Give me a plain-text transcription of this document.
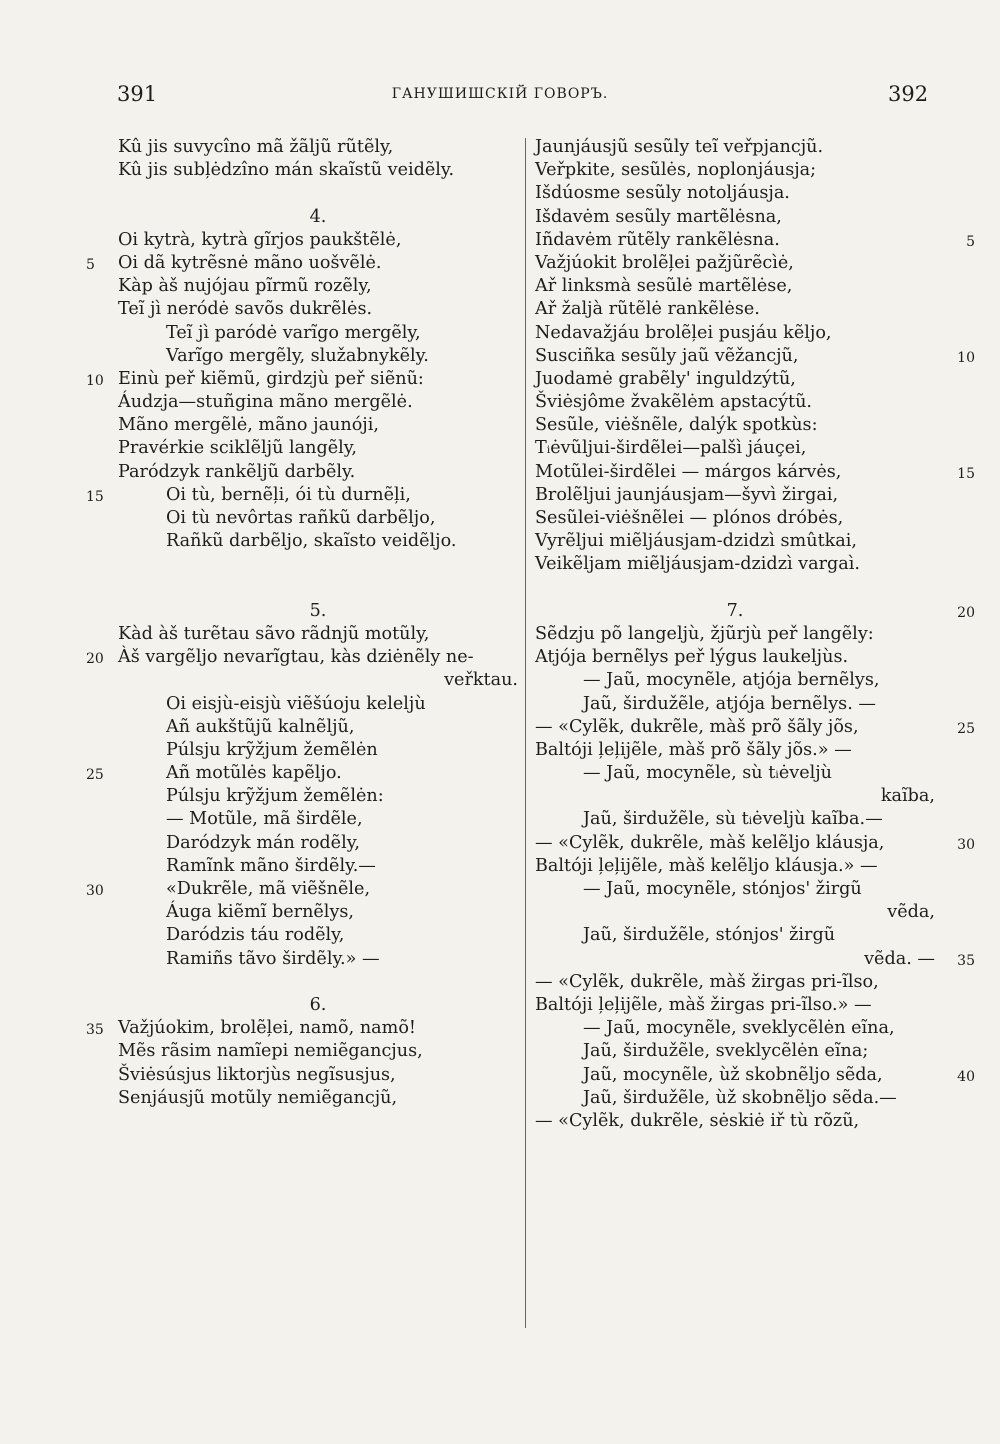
391	ГАНУШИШСКІЙ ГОВОРЪ.	392
Kû jis suvycîno mã žãljũ rũtẽly,
Kû jis subļėdzîno mán skaĩstũ veidẽly.
4.
Oi kytrà, kytrà gĩrjos paukštẽlė,
Oi dã kytrẽsnė mãno uošvẽlė.
5
Kàp àš nujójau pĩrmũ rozẽly,
Teĩ jì neródė savõs dukrẽlės.
Teĩ jì paródė varĩgo mergẽly,
Varĩgo mergẽly, služabnykẽly.
Einù peř kiẽmũ, girdzjù peř siẽnũ:
10
Áudzja—stuñgina mãno mergẽlė.
Mãno mergẽlė, mãno jaunóji,
Pravérkie sciklẽljũ langẽly,
Paródzyk rankẽljũ darbẽly.
Oi tù, bernẽļi, ói tù durnẽļi,
15
Oi tù nevôrtas rañkũ darbẽljo,
Rañkũ darbẽljo, skaĩsto veidẽljo.
5.
Kàd àš turẽtau sãvo rãdnjũ motũly,
Àš vargẽljo nevarĩgtau, kàs dziėnẽly ne-
20
veřktau.
Oi eisjù-eisjù viẽšúoju keleljù
Añ aukštũjũ kalnẽljũ,
Púlsju krỹžjum žemẽlėn
Añ motũlės kapẽljo.
25
Púlsju krỹžjum žemẽlėn:
— Motũle, mã širdẽle,
Daródzyk mán rodẽly,
Ramĩnk mãno širdẽly.—
«Dukrẽle, mã viẽšnẽle,
30
Áuga kiẽmĩ bernẽlys,
Daródzis táu rodẽly,
Ramiñs tãvo širdẽly.» —
6.
Važjúokim, brolẽļei, namõ, namõ!
35
Mẽs rãsim namĩepi nemiẽgancjus,
Šviėsúsjus liktorjùs negĩsusjus,
Senjáusjũ motũly nemiẽgancjũ,
Jaunjáusjũ sesũly teĩ veřpjancjũ.
Veřpkite, sesũlės, noplonjáusja;
Išdúosme sesũly notoljáusja.
Išdavėm sesũly martẽlėsna,
Iñdavėm rũtẽly rankẽlėsna.	5
Važjúokit brolẽļei pažjũrẽcìė,
Ař linksmà sesũlė martẽlėse,
Ař žaljà rũtẽlė rankẽlėse.
Nedavažjáu brolẽļei pusjáu kẽljo,
Susciñka sesũly jaũ vẽžancjũ,	10
Juodamė grabẽly' inguldzýtũ,
Šviėsjôme žvakẽlėm apstacýtũ.
Sesũle, viėšnẽle, dalýk spotkùs:
Tᵢėvũljui-širdẽlei—palšì jáuçei,
Motũlei-širdẽlei — márgos kárvės,	15
Brolẽljui jaunjáusjam—šyvì žirgai,
Sesũlei-viėšnẽlei — plónos dróbės,
Vyrẽljui miẽljáusjam-dzidzì smûtkai,
Veikẽljam miẽljáusjam-dzidzì vargaì.
7.	20
Sẽdzju põ langeljù, žjũrjù peř langẽly:
Atjója bernẽlys peř lýgus laukeljùs.
— Jaũ, mocynẽle, atjója bernẽlys,
Jaũ, širdužẽle, atjója bernẽlys. —
— «Cylẽk, dukrẽle, màš prõ šãly jõs,	25
Baltóji ļeļijẽle, màš prõ šãly jõs.» —
— Jaũ, mocynẽle, sù tᵢėveljù
kaĩba,
Jaũ, širdužẽle, sù tᵢėveljù kaĩba.—
— «Cylẽk, dukrẽle, màš kelẽljo kláusja,	30
Baltóji ļeļijẽle, màš kelẽljo kláusja.» —
— Jaũ, mocynẽle, stónjos' žirgũ
vẽda,
Jaũ, širdužẽle, stónjos' žirgũ
vẽda. — 35
— «Cylẽk, dukrẽle, màš žirgas pri-ĩlso,
Baltóji ļeļijẽle, màš žirgas pri-ĩlso.» —
— Jaũ, mocynẽle, sveklycẽlėn eĩna,
Jaũ, širdužẽle, sveklycẽlėn eĩna;
Jaũ, mocynẽle, ùž skobnẽljo sẽda,	40
Jaũ, širdužẽle, ùž skobnẽljo sẽda.—
— «Cylẽk, dukrẽle, sėskiė iř tù rõzũ,
